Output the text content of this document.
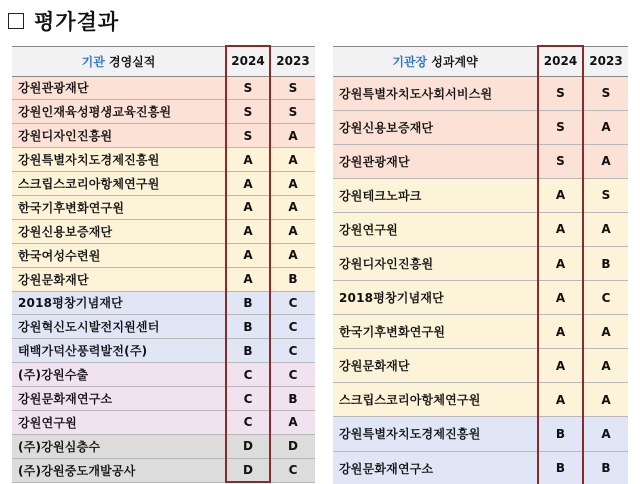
평가결과
기관 경영실적	2024	2023
강원관광재단	S	S
강원인재육성평생교육진흥원	S	S
강원디자인진흥원	S	A
강원특별자치도경제진흥원	A	A
스크립스코리아항체연구원	A	A
한국기후변화연구원	A	A
강원신용보증재단	A	A
한국여성수련원	A	A
강원문화재단	A	B
2018평창기념재단	B	C
강원혁신도시발전지원센터	B	C
태백가덕산풍력발전(주)	B	C
(주)강원수출	C	C
강원문화재연구소	C	B
강원연구원	C	A
(주)강원심층수	D	D
(주)강원중도개발공사	D	C
기관장 성과계약	2024	2023
강원특별자치도사회서비스원	S	S
강원신용보증재단	S	A
강원관광재단	S	A
강원테크노파크	A	S
강원연구원	A	A
강원디자인진흥원	A	B
2018평창기념재단	A	C
한국기후변화연구원	A	A
강원문화재단	A	A
스크립스코리아항체연구원	A	A
강원특별자치도경제진흥원	B	A
강원문화재연구소	B	B
